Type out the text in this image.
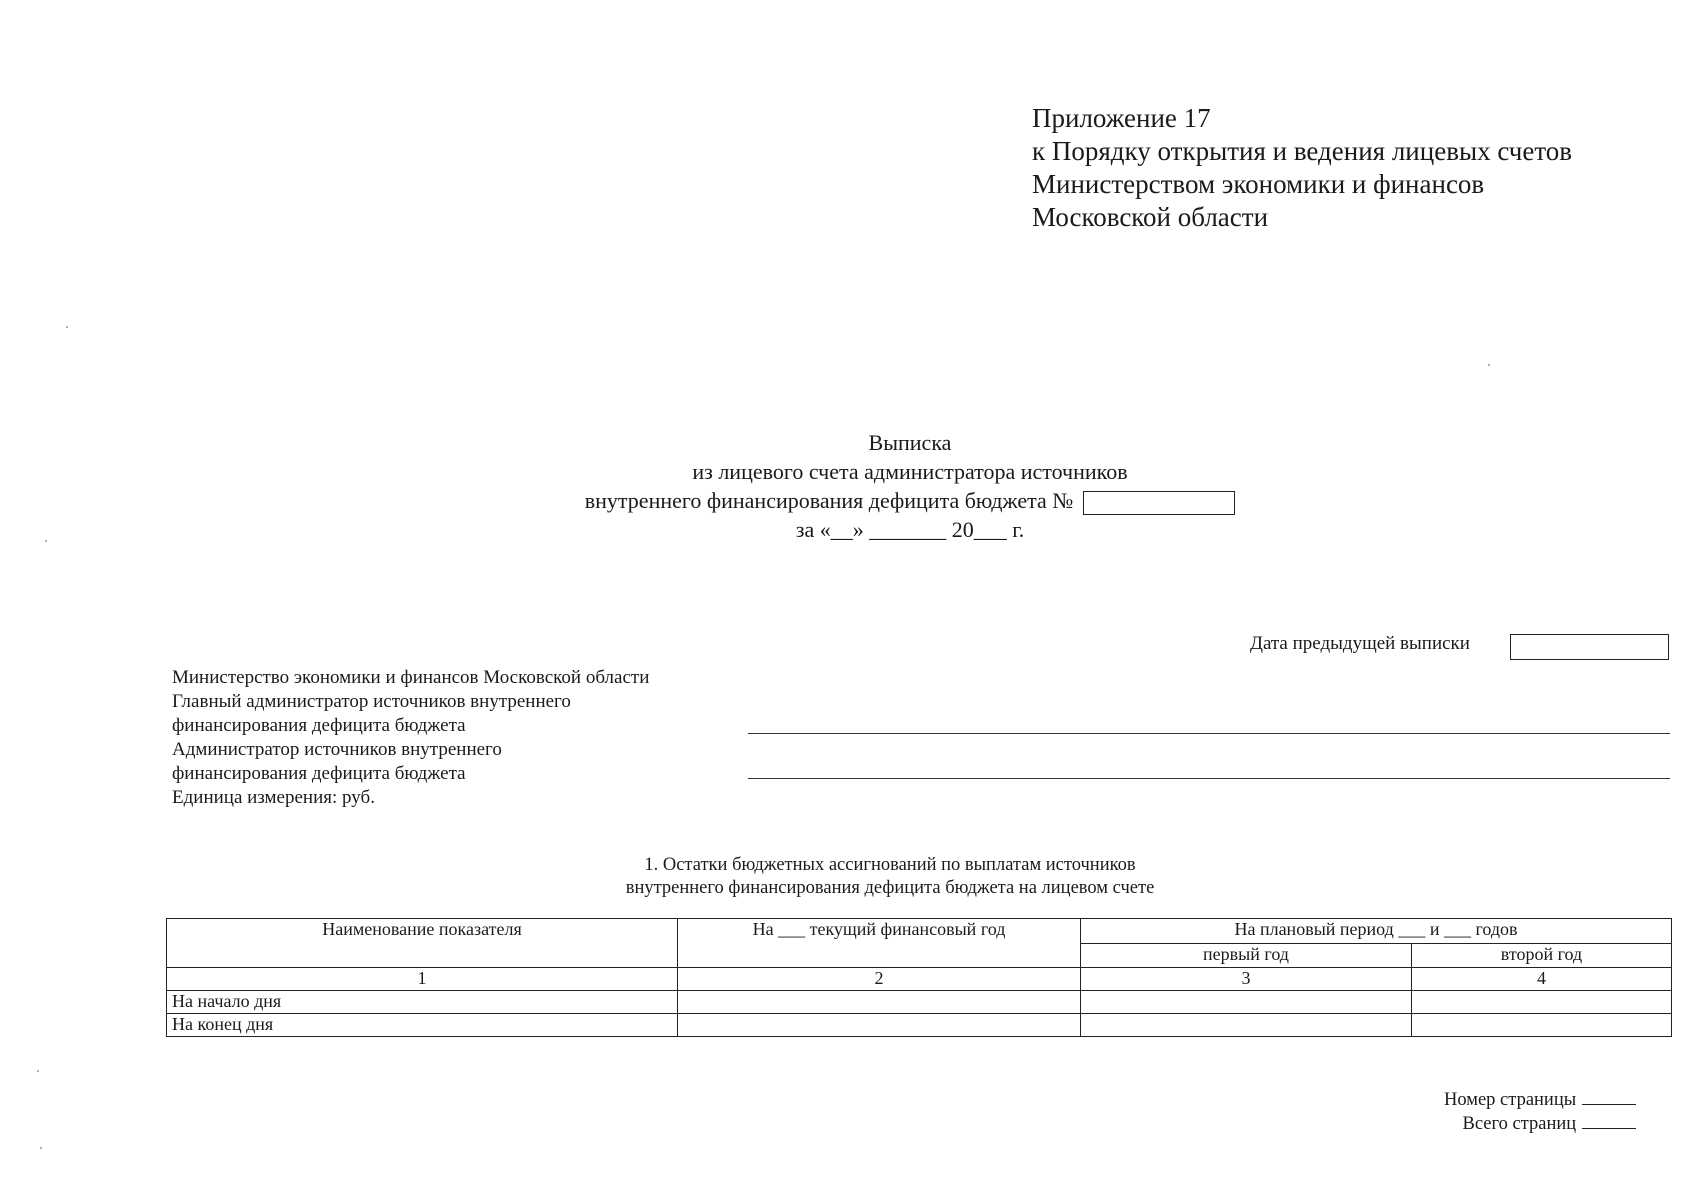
Приложение 17
к Порядку открытия и ведения лицевых счетов
Министерством экономики и финансов
Московской области
Выписка
из лицевого счета администратора источников
внутреннего финансирования дефицита бюджета №
за «__» _______ 20___ г.
Дата предыдущей выписки
Министерство экономики и финансов Московской области
Главный администратор источников внутреннего
финансирования дефицита бюджета
Администратор источников внутреннего
финансирования дефицита бюджета
Единица измерения: руб.
1. Остатки бюджетных ассигнований по выплатам источников
внутреннего финансирования дефицита бюджета на лицевом счете
Наименование показателя	На ___ текущий финансовый год	На плановый период ___ и ___ годов	
		первый год	второй год
1	2	3	4
На начало дня			
На конец дня			
Номер страницы
Всего страниц
